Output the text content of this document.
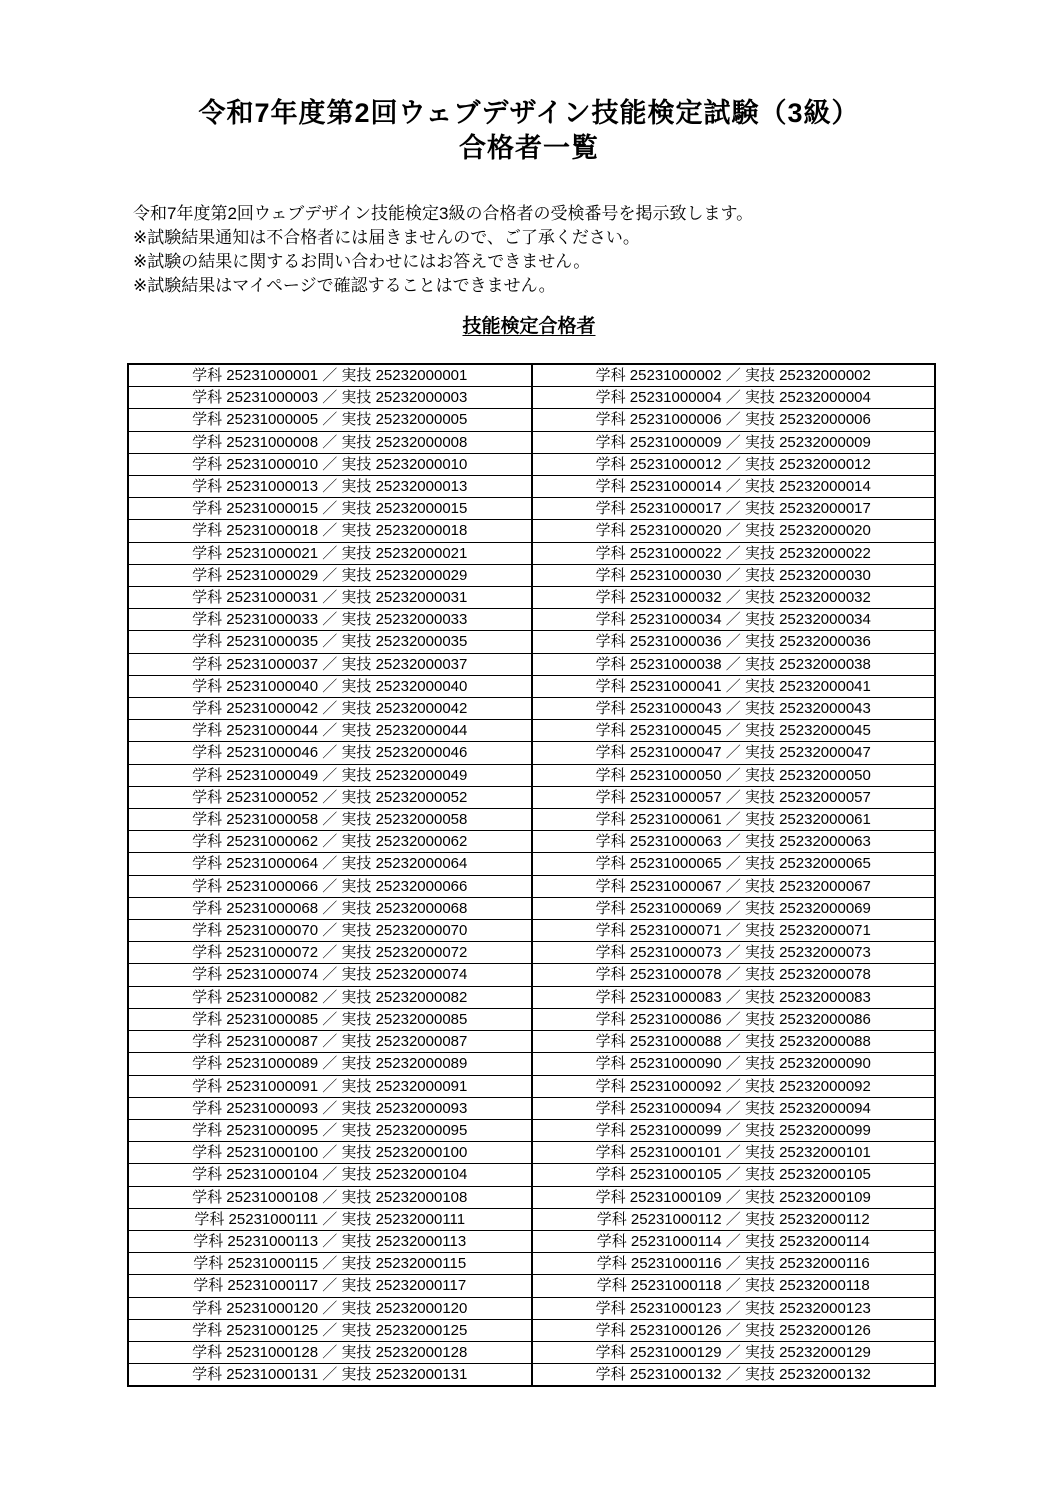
令和7年度第2回ウェブデザイン技能検定試験（3級）
合格者一覧

令和7年度第2回ウェブデザイン技能検定3級の合格者の受検番号を掲示致します。

※試験結果通知は不合格者には届きませんので、ご了承ください。

※試験の結果に関するお問い合わせにはお答えできません。

※試験結果はマイページで確認することはできません。

技能検定合格者
学科 25231000001 ／ 実技 25232000001	学科 25231000002 ／ 実技 25232000002
学科 25231000003 ／ 実技 25232000003	学科 25231000004 ／ 実技 25232000004
学科 25231000005 ／ 実技 25232000005	学科 25231000006 ／ 実技 25232000006
学科 25231000008 ／ 実技 25232000008	学科 25231000009 ／ 実技 25232000009
学科 25231000010 ／ 実技 25232000010	学科 25231000012 ／ 実技 25232000012
学科 25231000013 ／ 実技 25232000013	学科 25231000014 ／ 実技 25232000014
学科 25231000015 ／ 実技 25232000015	学科 25231000017 ／ 実技 25232000017
学科 25231000018 ／ 実技 25232000018	学科 25231000020 ／ 実技 25232000020
学科 25231000021 ／ 実技 25232000021	学科 25231000022 ／ 実技 25232000022
学科 25231000029 ／ 実技 25232000029	学科 25231000030 ／ 実技 25232000030
学科 25231000031 ／ 実技 25232000031	学科 25231000032 ／ 実技 25232000032
学科 25231000033 ／ 実技 25232000033	学科 25231000034 ／ 実技 25232000034
学科 25231000035 ／ 実技 25232000035	学科 25231000036 ／ 実技 25232000036
学科 25231000037 ／ 実技 25232000037	学科 25231000038 ／ 実技 25232000038
学科 25231000040 ／ 実技 25232000040	学科 25231000041 ／ 実技 25232000041
学科 25231000042 ／ 実技 25232000042	学科 25231000043 ／ 実技 25232000043
学科 25231000044 ／ 実技 25232000044	学科 25231000045 ／ 実技 25232000045
学科 25231000046 ／ 実技 25232000046	学科 25231000047 ／ 実技 25232000047
学科 25231000049 ／ 実技 25232000049	学科 25231000050 ／ 実技 25232000050
学科 25231000052 ／ 実技 25232000052	学科 25231000057 ／ 実技 25232000057
学科 25231000058 ／ 実技 25232000058	学科 25231000061 ／ 実技 25232000061
学科 25231000062 ／ 実技 25232000062	学科 25231000063 ／ 実技 25232000063
学科 25231000064 ／ 実技 25232000064	学科 25231000065 ／ 実技 25232000065
学科 25231000066 ／ 実技 25232000066	学科 25231000067 ／ 実技 25232000067
学科 25231000068 ／ 実技 25232000068	学科 25231000069 ／ 実技 25232000069
学科 25231000070 ／ 実技 25232000070	学科 25231000071 ／ 実技 25232000071
学科 25231000072 ／ 実技 25232000072	学科 25231000073 ／ 実技 25232000073
学科 25231000074 ／ 実技 25232000074	学科 25231000078 ／ 実技 25232000078
学科 25231000082 ／ 実技 25232000082	学科 25231000083 ／ 実技 25232000083
学科 25231000085 ／ 実技 25232000085	学科 25231000086 ／ 実技 25232000086
学科 25231000087 ／ 実技 25232000087	学科 25231000088 ／ 実技 25232000088
学科 25231000089 ／ 実技 25232000089	学科 25231000090 ／ 実技 25232000090
学科 25231000091 ／ 実技 25232000091	学科 25231000092 ／ 実技 25232000092
学科 25231000093 ／ 実技 25232000093	学科 25231000094 ／ 実技 25232000094
学科 25231000095 ／ 実技 25232000095	学科 25231000099 ／ 実技 25232000099
学科 25231000100 ／ 実技 25232000100	学科 25231000101 ／ 実技 25232000101
学科 25231000104 ／ 実技 25232000104	学科 25231000105 ／ 実技 25232000105
学科 25231000108 ／ 実技 25232000108	学科 25231000109 ／ 実技 25232000109
学科 25231000111 ／ 実技 25232000111	学科 25231000112 ／ 実技 25232000112
学科 25231000113 ／ 実技 25232000113	学科 25231000114 ／ 実技 25232000114
学科 25231000115 ／ 実技 25232000115	学科 25231000116 ／ 実技 25232000116
学科 25231000117 ／ 実技 25232000117	学科 25231000118 ／ 実技 25232000118
学科 25231000120 ／ 実技 25232000120	学科 25231000123 ／ 実技 25232000123
学科 25231000125 ／ 実技 25232000125	学科 25231000126 ／ 実技 25232000126
学科 25231000128 ／ 実技 25232000128	学科 25231000129 ／ 実技 25232000129
学科 25231000131 ／ 実技 25232000131	学科 25231000132 ／ 実技 25232000132
